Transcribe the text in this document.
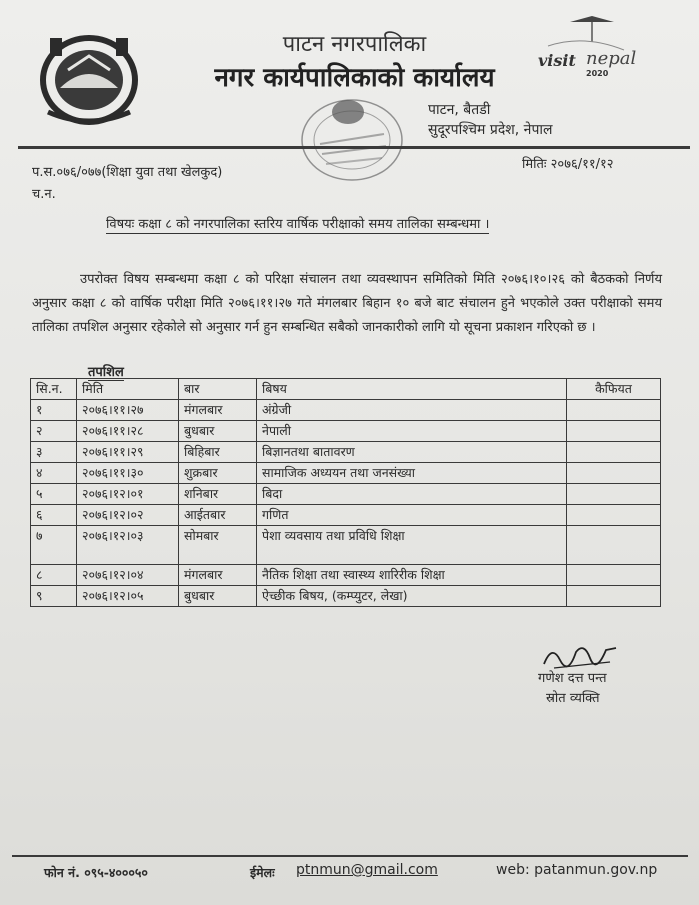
visit nepal
2020
पाटन नगरपालिका
नगर कार्यपालिकाको कार्यालय
पाटन, बैतडी
सुदूरपश्चिम प्रदेश, नेपाल
प.स.०७६/०७७(शिक्षा युवा तथा खेलकुद)
च.न.
मितिः २०७६/११/१२
विषयः कक्षा ८ को नगरपालिका स्तरिय वार्षिक परीक्षाको समय तालिका सम्बन्धमा ।
उपरोक्त विषय सम्बन्धमा कक्षा ८ को परिक्षा संचालन तथा व्यवस्थापन समितिको मिति २०७६।१०।२६ को बैठकको निर्णय अनुसार कक्षा ८ को वार्षिक परीक्षा मिति २०७६।११।२७ गते मंगलबार बिहान १० बजे बाट संचालन हुने भएकोले उक्त परीक्षाको समय तालिका तपशिल अनुसार रहेकोले सो अनुसार गर्न हुन सम्बन्धित सबैको जानकारीको लागि यो सूचना प्रकाशन गरिएको छ ।
तपशिल
सि.न.	मिति	बार	बिषय	कैफियत
१	२०७६।११।२७	मंगलबार	अंग्रेजी	
२	२०७६।११।२८	बुधबार	नेपाली	
३	२०७६।११।२९	बिहिबार	बिज्ञानतथा बातावरण	
४	२०७६।११।३०	शुक्रबार	सामाजिक अध्ययन तथा जनसंख्या	
५	२०७६।१२।०१	शनिबार	बिदा	
६	२०७६।१२।०२	आईतबार	गणित	
७	२०७६।१२।०३	सोमबार	पेशा व्यवसाय तथा प्रविधि शिक्षा	
८	२०७६।१२।०४	मंगलबार	नैतिक शिक्षा तथा स्वास्थ्य शारिरीक शिक्षा	
९	२०७६।१२।०५	बुधबार	ऐच्छीक बिषय, (कम्प्युटर, लेखा)	
गणेश दत्त पन्त
स्रोत व्यक्ति
फोन नं. ०९५-४०००५०	ईमेलः ptnmun@gmail.com	web: patanmun.gov.np
